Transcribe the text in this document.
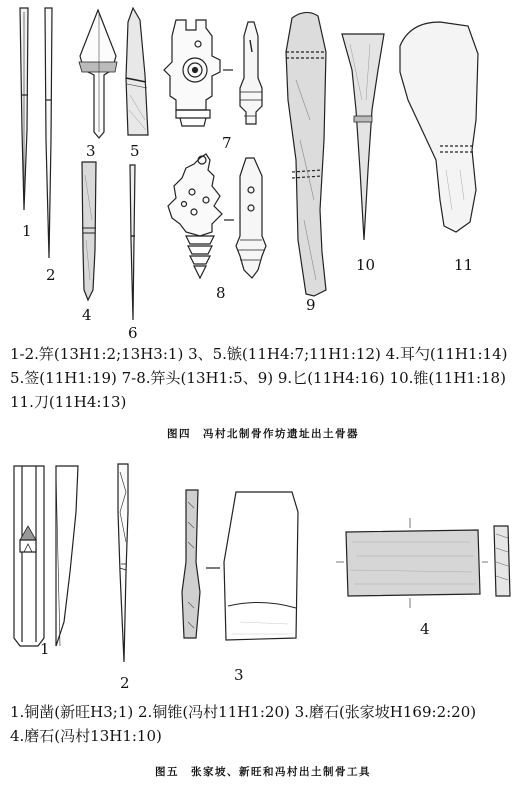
1
2
3
4
5
6
7
8
9
10	11
1-2.笄(13H1:2;13H3:1) 3、5.镞(11H4:7;11H1:12) 4.耳勺(11H1:14)
5.签(11H1:19) 7-8.笄头(13H1:5、9) 9.匕(11H4:16) 10.锥(11H1:18)
11.刀(11H4:13)
图四　冯村北制骨作坊遗址出土骨器
1
2	3
4
1.铜凿(新旺H3;1) 2.铜锥(冯村11H1:20) 3.磨石(张家坡H169:2:20)
4.磨石(冯村13H1:10)
图五　张家坡、新旺和冯村出土制骨工具
